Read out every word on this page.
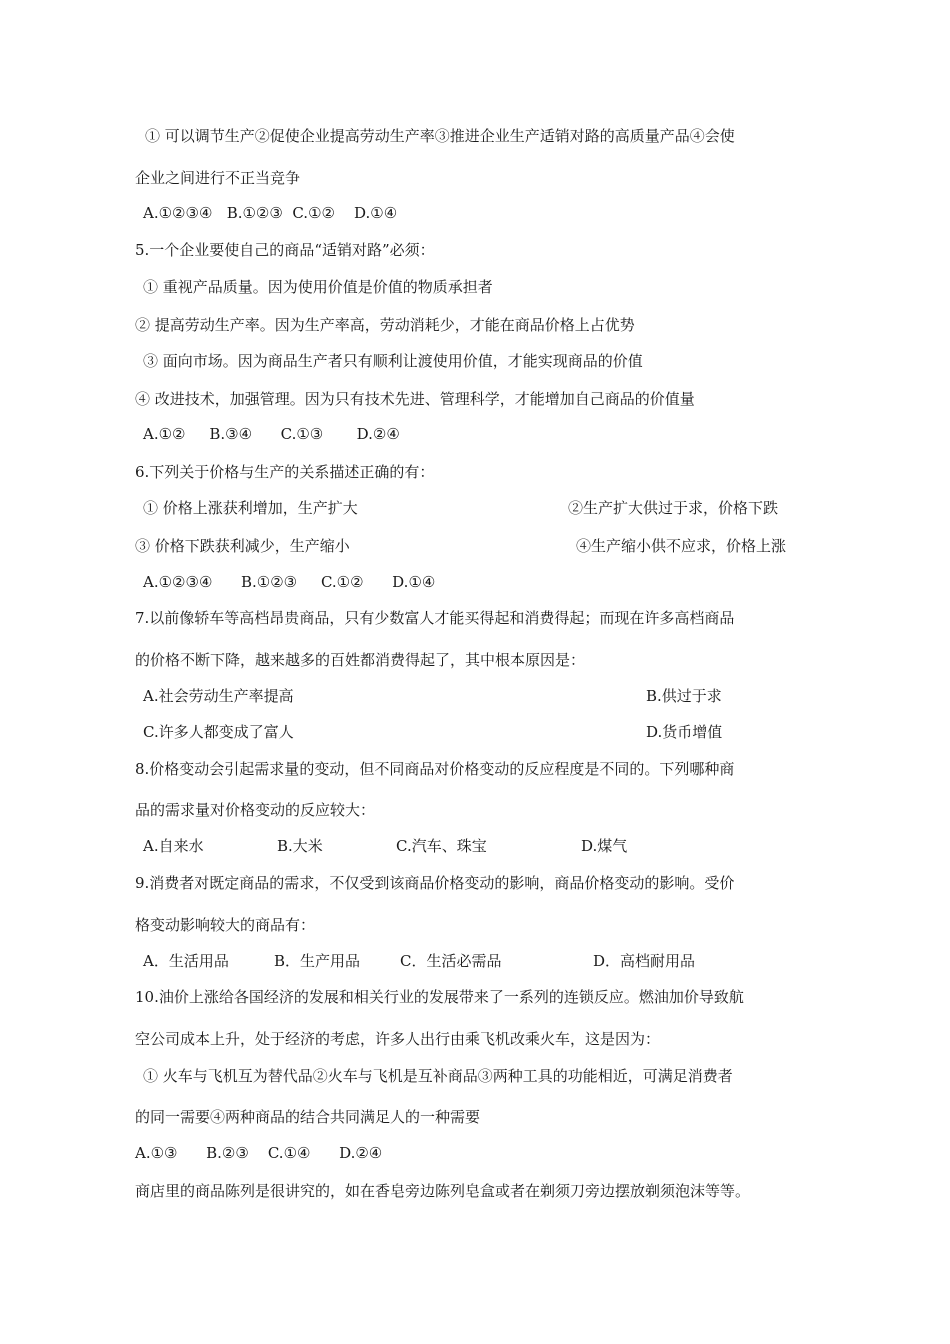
① 可以调节生产②促使企业提高劳动生产率③推进企业生产适销对路的高质量产品④会使
企业之间进行不正当竞争
A.①②③④   B.①②③  C.①②    D.①④
5.一个企业要使自己的商品“适销对路”必须：
① 重视产品质量。因为使用价值是价值的物质承担者
② 提高劳动生产率。因为生产率高，劳动消耗少，才能在商品价格上占优势
③ 面向市场。因为商品生产者只有顺利让渡使用价值，才能实现商品的价值
④ 改进技术，加强管理。因为只有技术先进、管理科学，才能增加自己商品的价值量
A.①②     B.③④      C.①③       D.②④
6.下列关于价格与生产的关系描述正确的有：
① 价格上涨获利增加，生产扩大	②生产扩大供过于求，价格下跌
③ 价格下跌获利减少，生产缩小	④生产缩小供不应求，价格上涨
A.①②③④      B.①②③     C.①②      D.①④
7.以前像轿车等高档昂贵商品，只有少数富人才能买得起和消费得起；而现在许多高档商品
的价格不断下降，越来越多的百姓都消费得起了，其中根本原因是：
A.社会劳动生产率提高	B.供过于求
C.许多人都变成了富人	D.货币增值
8.价格变动会引起需求量的变动，但不同商品对价格变动的反应程度是不同的。下列哪种商
品的需求量对价格变动的反应较大：
A.自来水	B.大米	C.汽车、珠宝	D.煤气
9.消费者对既定商品的需求，不仅受到该商品价格变动的影响，商品价格变动的影响。受价
格变动影响较大的商品有：
A．生活用品	B．生产用品	C．生活必需品	D．高档耐用品
10.油价上涨给各国经济的发展和相关行业的发展带来了一系列的连锁反应。燃油加价导致航
空公司成本上升，处于经济的考虑，许多人出行由乘飞机改乘火车，这是因为：
① 火车与飞机互为替代品②火车与飞机是互补商品③两种工具的功能相近，可满足消费者
的同一需要④两种商品的结合共同满足人的一种需要
A.①③      B.②③    C.①④      D.②④
商店里的商品陈列是很讲究的，如在香皂旁边陈列皂盒或者在剃须刀旁边摆放剃须泡沫等等。
